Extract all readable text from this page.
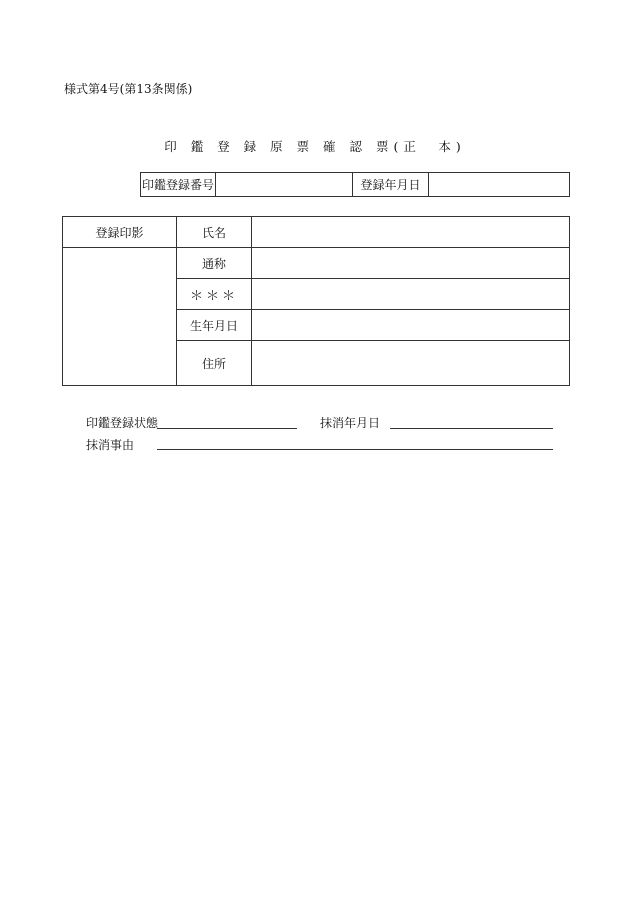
様式第4号(第13条関係)
印 鑑 登 録 原 票 確 認 票(正　本)
印鑑登録番号		登録年月日	
登録印影	氏名	
	通称	
	＊＊＊	
	生年月日	
	住所	
印鑑登録状態	抹消年月日
抹消事由
